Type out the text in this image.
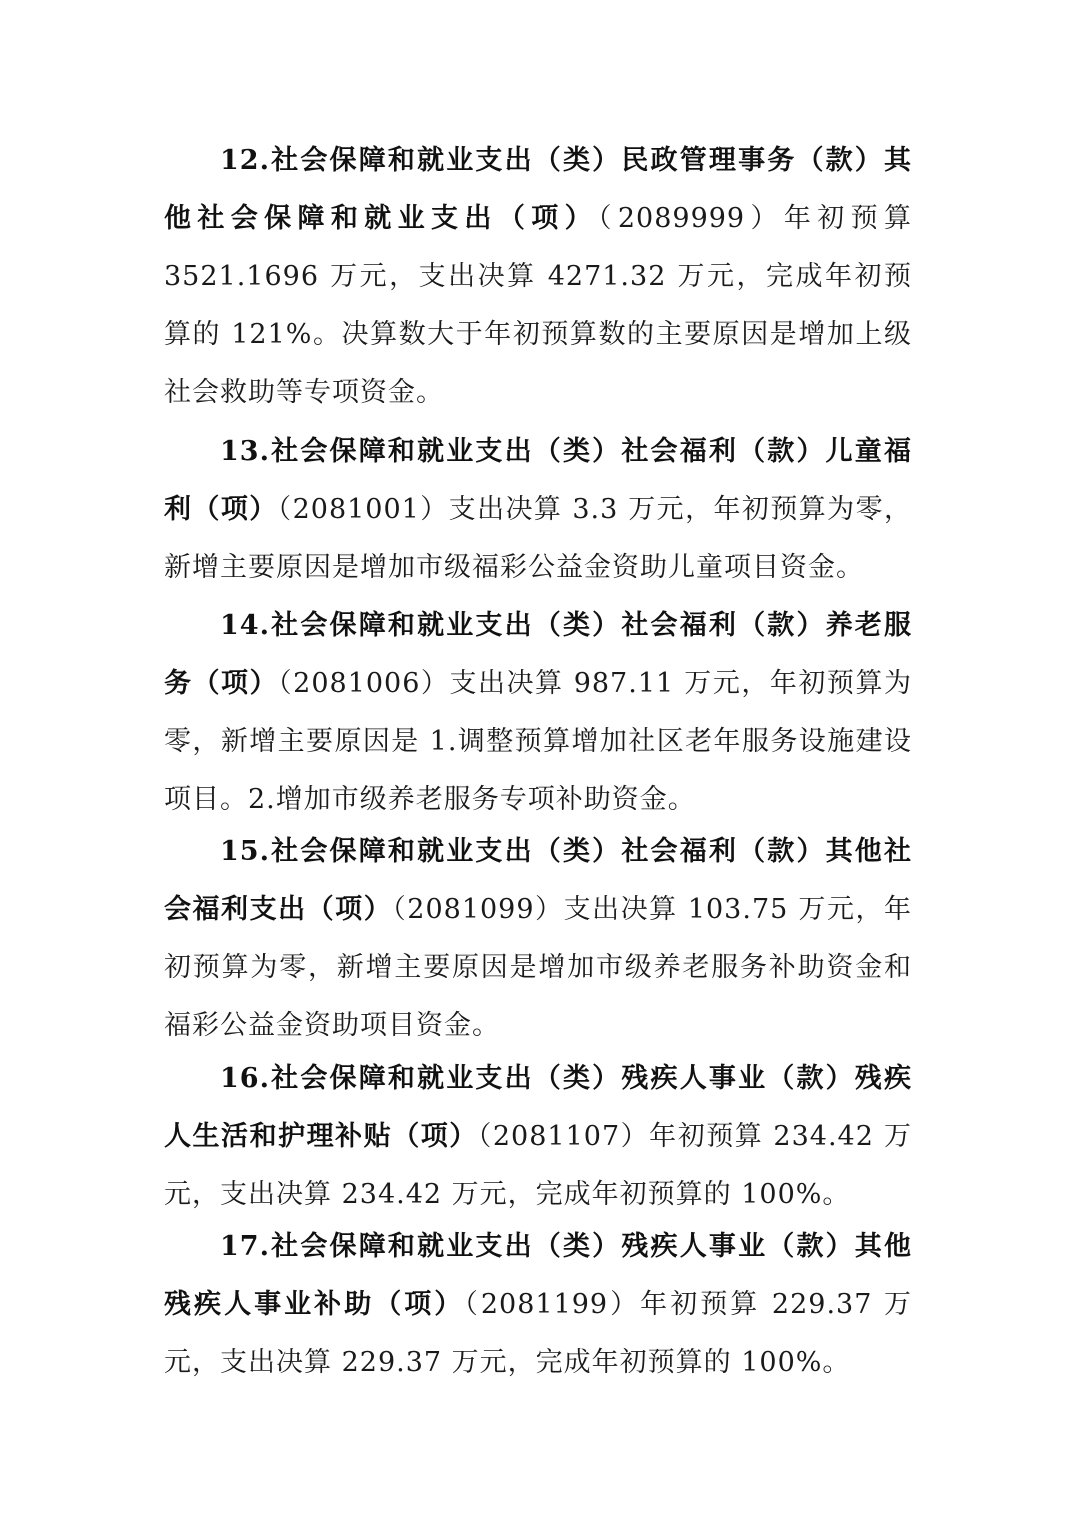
12.社会保障和就业支出（类）民政管理事务（款）其他社会保障和就业支出（项）（2089999）年初预算 3521.1696 万元，支出决算 4271.32 万元，完成年初预算的 121%。决算数大于年初预算数的主要原因是增加上级社会救助等专项资金。

13.社会保障和就业支出（类）社会福利（款）儿童福利（项）（2081001）支出决算 3.3 万元，年初预算为零，新增主要原因是增加市级福彩公益金资助儿童项目资金。

14.社会保障和就业支出（类）社会福利（款）养老服务（项）（2081006）支出决算 987.11 万元，年初预算为零，新增主要原因是 1.调整预算增加社区老年服务设施建设项目。2.增加市级养老服务专项补助资金。

15.社会保障和就业支出（类）社会福利（款）其他社会福利支出（项）（2081099）支出决算 103.75 万元，年初预算为零，新增主要原因是增加市级养老服务补助资金和福彩公益金资助项目资金。

16.社会保障和就业支出（类）残疾人事业（款）残疾人生活和护理补贴（项）（2081107）年初预算 234.42 万元，支出决算 234.42 万元，完成年初预算的 100%。

17.社会保障和就业支出（类）残疾人事业（款）其他残疾人事业补助（项）（2081199）年初预算 229.37 万元，支出决算 229.37 万元，完成年初预算的 100%。
